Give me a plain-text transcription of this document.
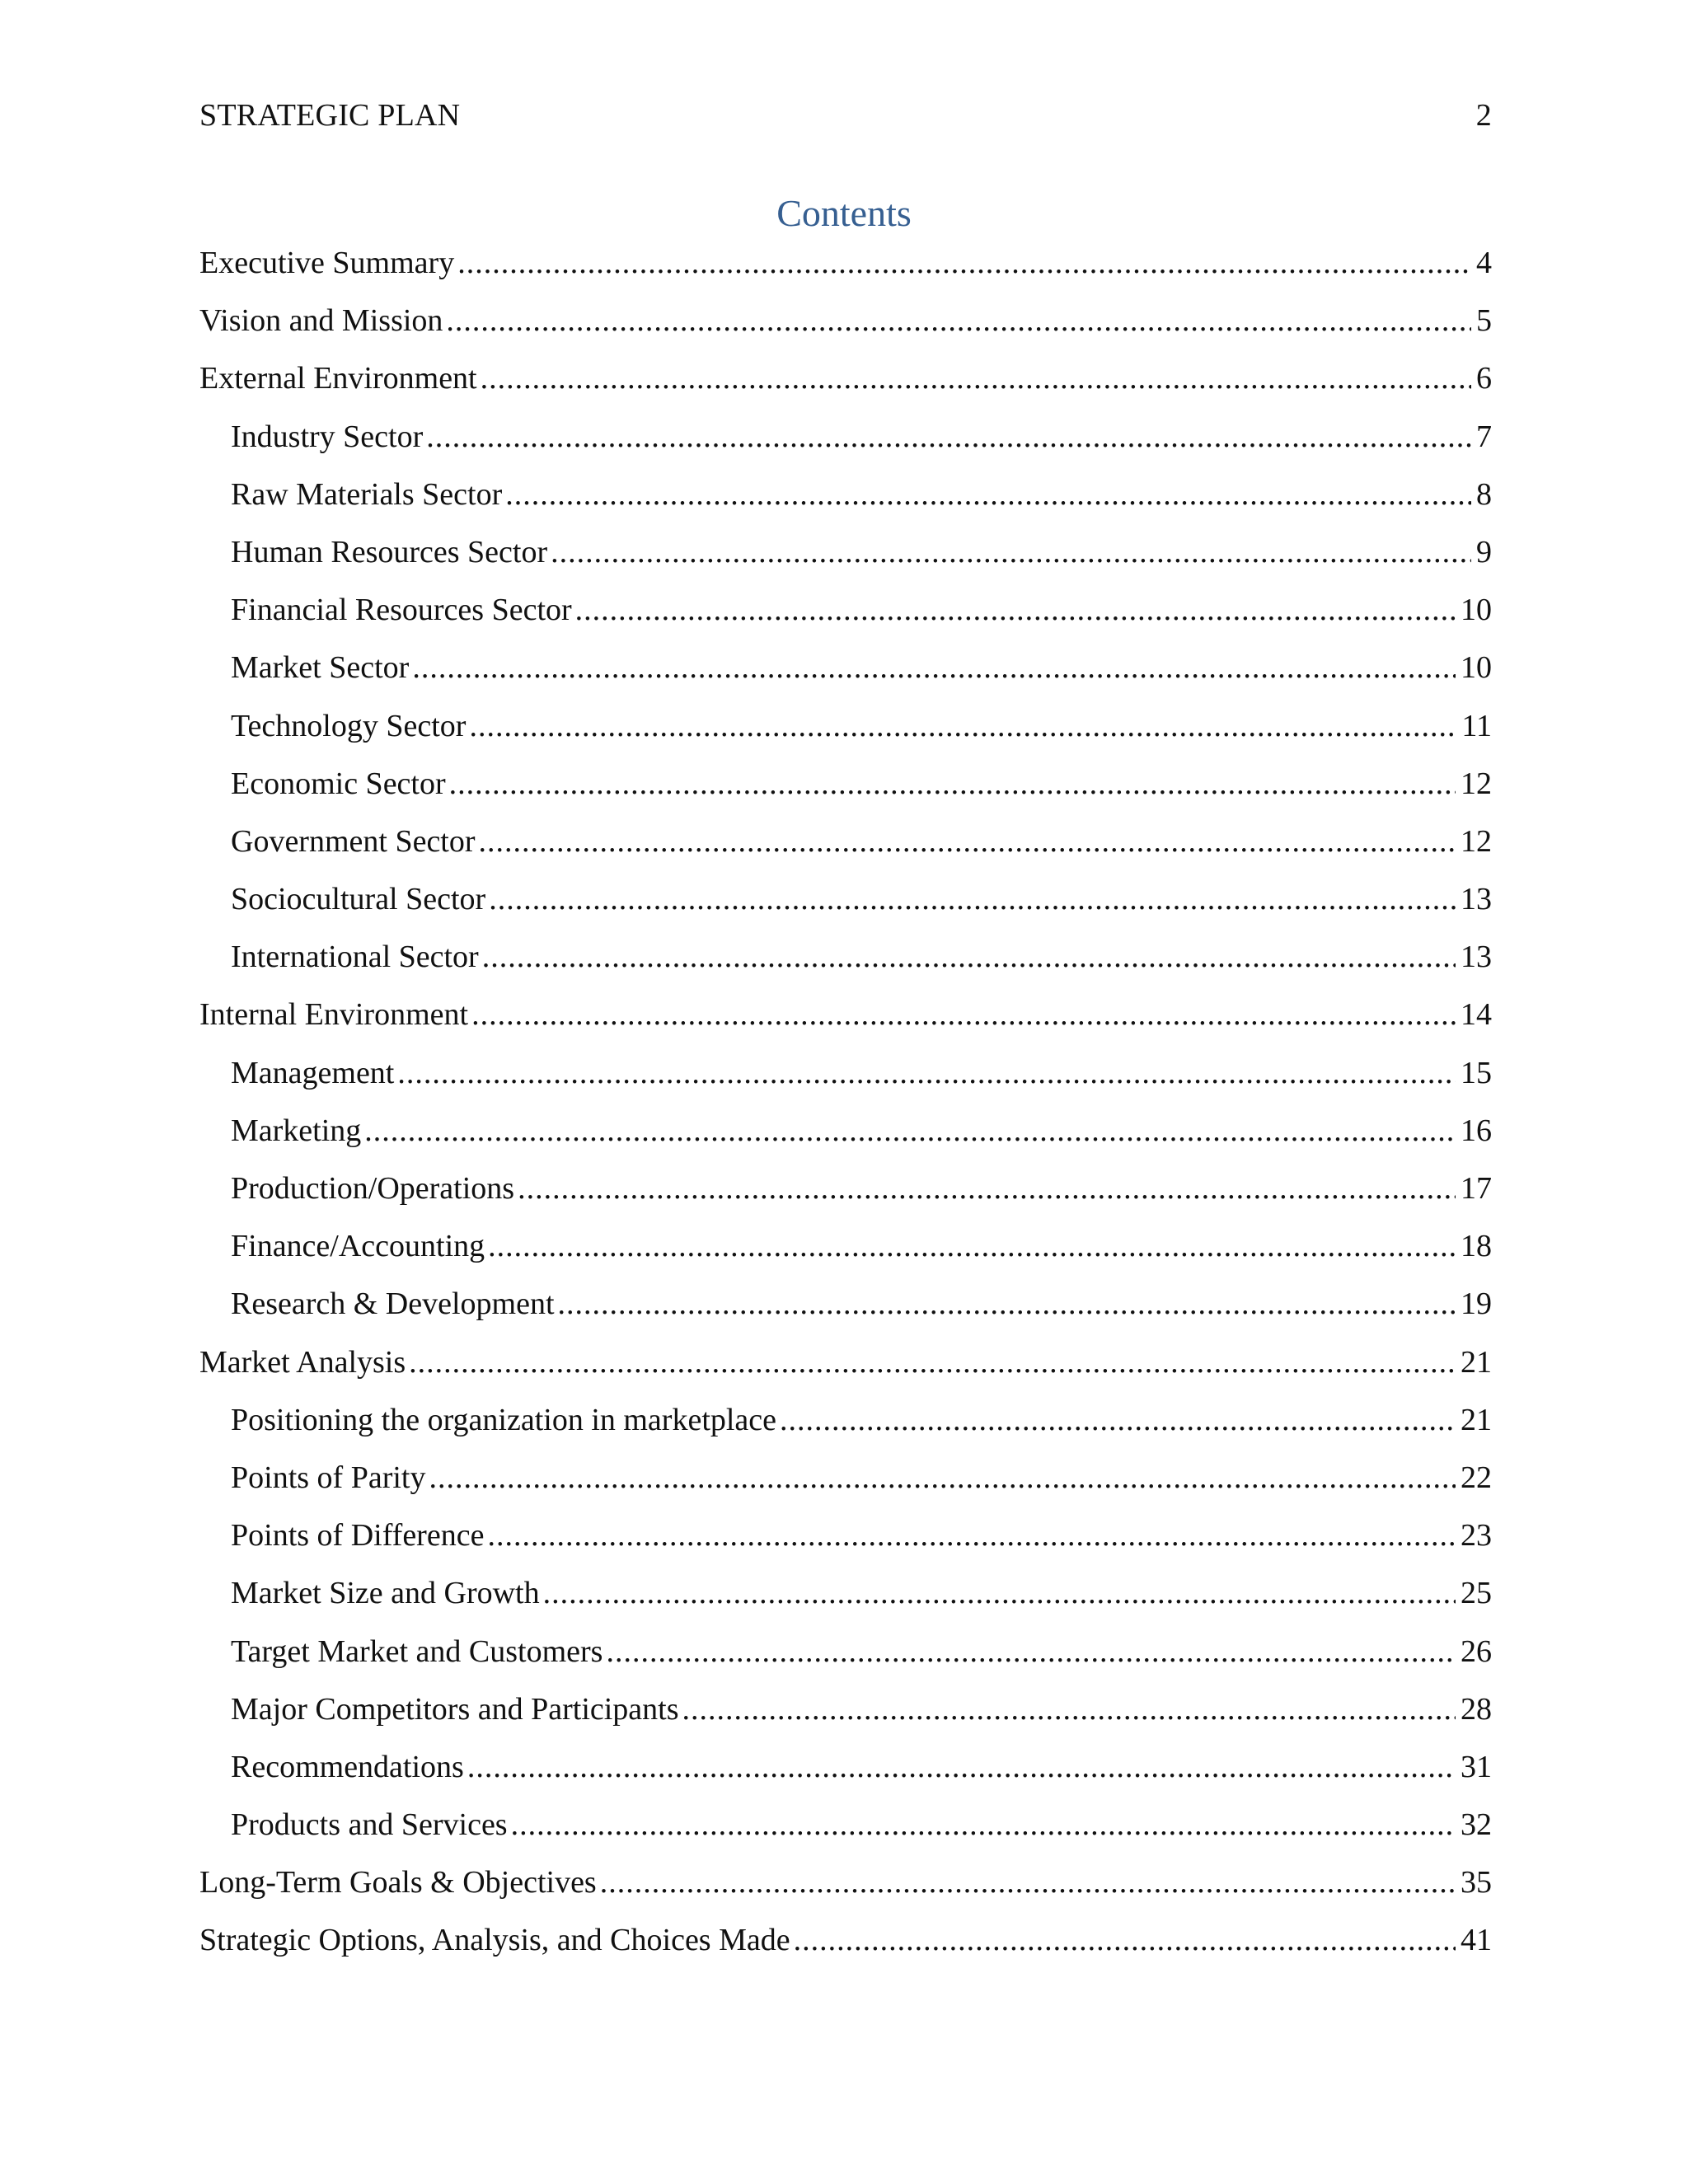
STRATEGIC PLAN	2
Contents
Executive Summary .....	4
Vision and Mission .....	5
External Environment .....	6
Industry Sector .....	7
Raw Materials Sector .....	8
Human Resources Sector .....	9
Financial Resources Sector .....	10
Market Sector .....	10
Technology Sector .....	11
Economic Sector .....	12
Government Sector .....	12
Sociocultural Sector .....	13
International Sector .....	13
Internal Environment .....	14
Management .....	15
Marketing .....	16
Production/Operations .....	17
Finance/Accounting .....	18
Research & Development .....	19
Market Analysis .....	21
Positioning the organization in marketplace .....	21
Points of Parity .....	22
Points of Difference .....	23
Market Size and Growth .....	25
Target Market and Customers .....	26
Major Competitors and Participants .....	28
Recommendations .....	31
Products and Services .....	32
Long-Term Goals & Objectives .....	35
Strategic Options, Analysis, and Choices Made .....	41
